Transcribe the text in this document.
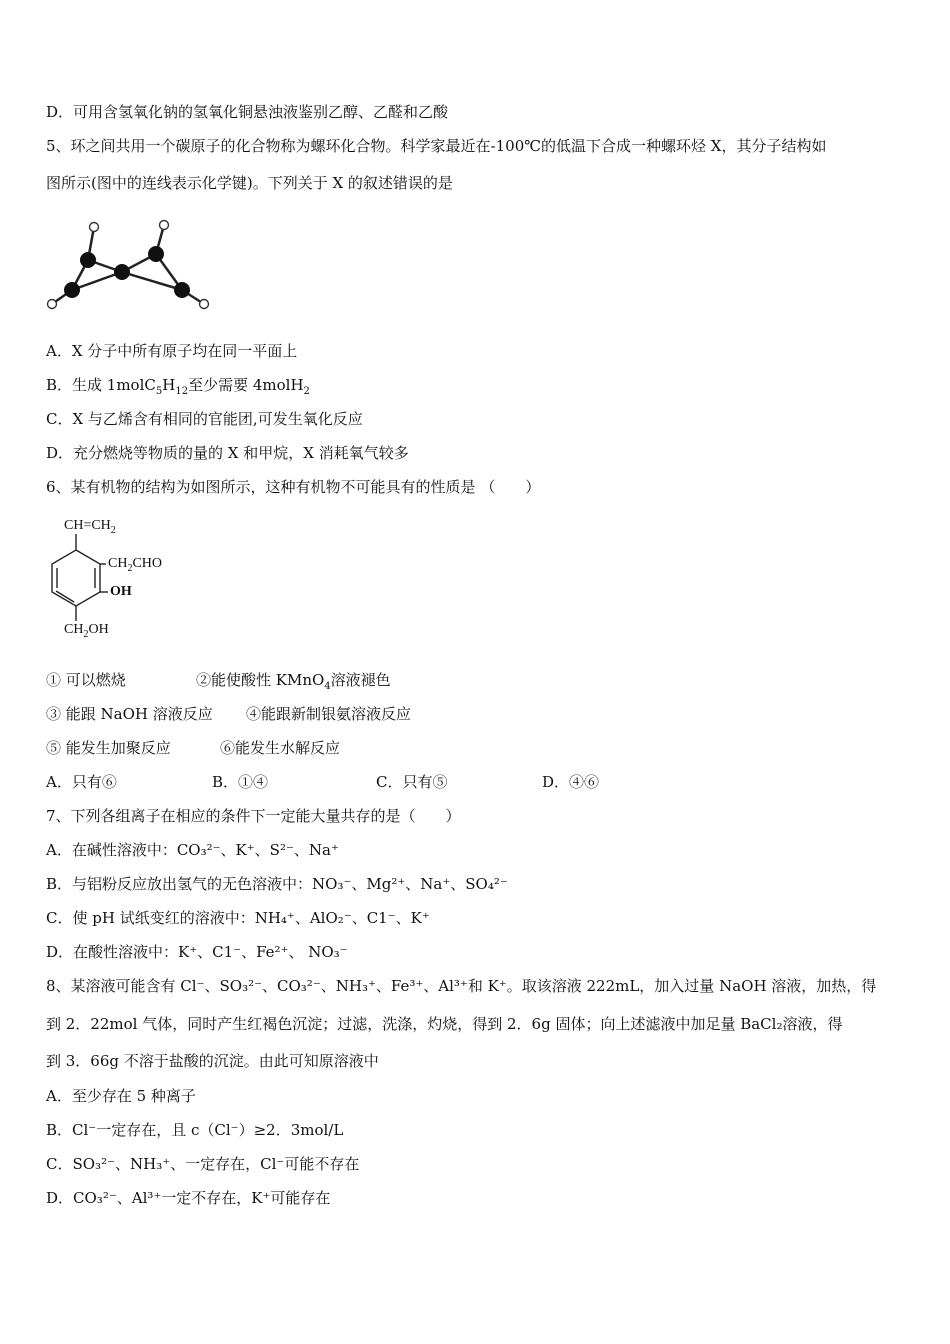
D．可用含氢氧化钠的氢氧化铜悬浊液鉴别乙醇、乙醛和乙酸
5、环之间共用一个碳原子的化合物称为螺环化合物。科学家最近在-100℃的低温下合成一种螺环烃 X，其分子结构如
图所示(图中的连线表示化学键)。下列关于 X 的叙述错误的是
A．X 分子中所有原子均在同一平面上
B．生成 $1molC_5H_{12}$至少需要 4molH$_2$
C．X 与乙烯含有相同的官能团,可发生氧化反应
D．充分燃烧等物质的量的 X 和甲烷，X 消耗氧气较多
6、某有机物的结构为如图所示，这种有机物不可能具有的性质是 （　　）
$CH=CH_2$
$CH_2CHO$
OH
$CH_2OH$
① 可以燃烧	②能使酸性 KMnO$_4$溶液褪色
③ 能跟 NaOH 溶液反应 ④能跟新制银氨溶液反应
⑤ 能发生加聚反应	⑥能发生水解反应
A．只有⑥	B．①④	C．只有⑤	D．④⑥
7、下列各组离子在相应的条件下一定能大量共存的是（　　）
A．在碱性溶液中：CO₃²⁻、K⁺、S²⁻、Na⁺
B．与铝粉反应放出氢气的无色溶液中：NO₃⁻、Mg²⁺、Na⁺、SO₄²⁻
C．使 pH 试纸变红的溶液中：NH₄⁺、AlO₂⁻、C1⁻、K⁺
D．在酸性溶液中：K⁺、C1⁻、Fe²⁺、 NO₃⁻
8、某溶液可能含有 Cl⁻、SO₃²⁻、CO₃²⁻、NH₃⁺、Fe³⁺、Al³⁺和 K⁺。取该溶液 222mL，加入过量 NaOH 溶液，加热，得
到 2．22mol 气体，同时产生红褐色沉淀；过滤，洗涤，灼烧，得到 2．6g 固体；向上述滤液中加足量 BaCl₂溶液，得
到 3．66g 不溶于盐酸的沉淀。由此可知原溶液中
A．至少存在 5 种离子
B．Cl⁻一定存在，且 c（Cl⁻）≥2．3mol/L
C．SO₃²⁻、NH₃⁺、一定存在，Cl⁻可能不存在
D．CO₃²⁻、Al³⁺一定不存在，K⁺可能存在
